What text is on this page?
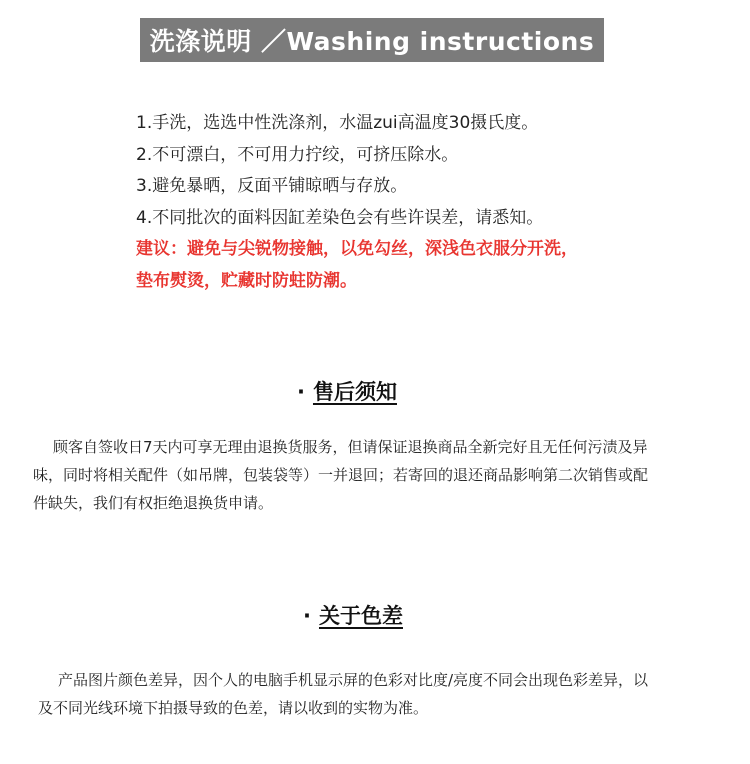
洗涤说明 ／Washing instructions
1.手洗，选选中性洗涤剂，水温zui高温度30摄氏度。
2.不可漂白，不可用力拧绞，可挤压除水。
3.避免暴晒，反面平铺晾晒与存放。
4.不同批次的面料因缸差染色会有些许误差，请悉知。
建议：避免与尖锐物接触，以免勾丝，深浅色衣服分开洗，
垫布熨烫，贮藏时防蛀防潮。
· 售后须知
顾客自签收日7天内可享无理由退换货服务，但请保证退换商品全新完好且无任何污渍及异
味，同时将相关配件（如吊牌，包装袋等）一并退回；若寄回的退还商品影响第二次销售或配
件缺失，我们有权拒绝退换货申请。
· 关于色差
产品图片颜色差异，因个人的电脑手机显示屏的色彩对比度/亮度不同会出现色彩差异，以
及不同光线环境下拍摄导致的色差，请以收到的实物为准。
